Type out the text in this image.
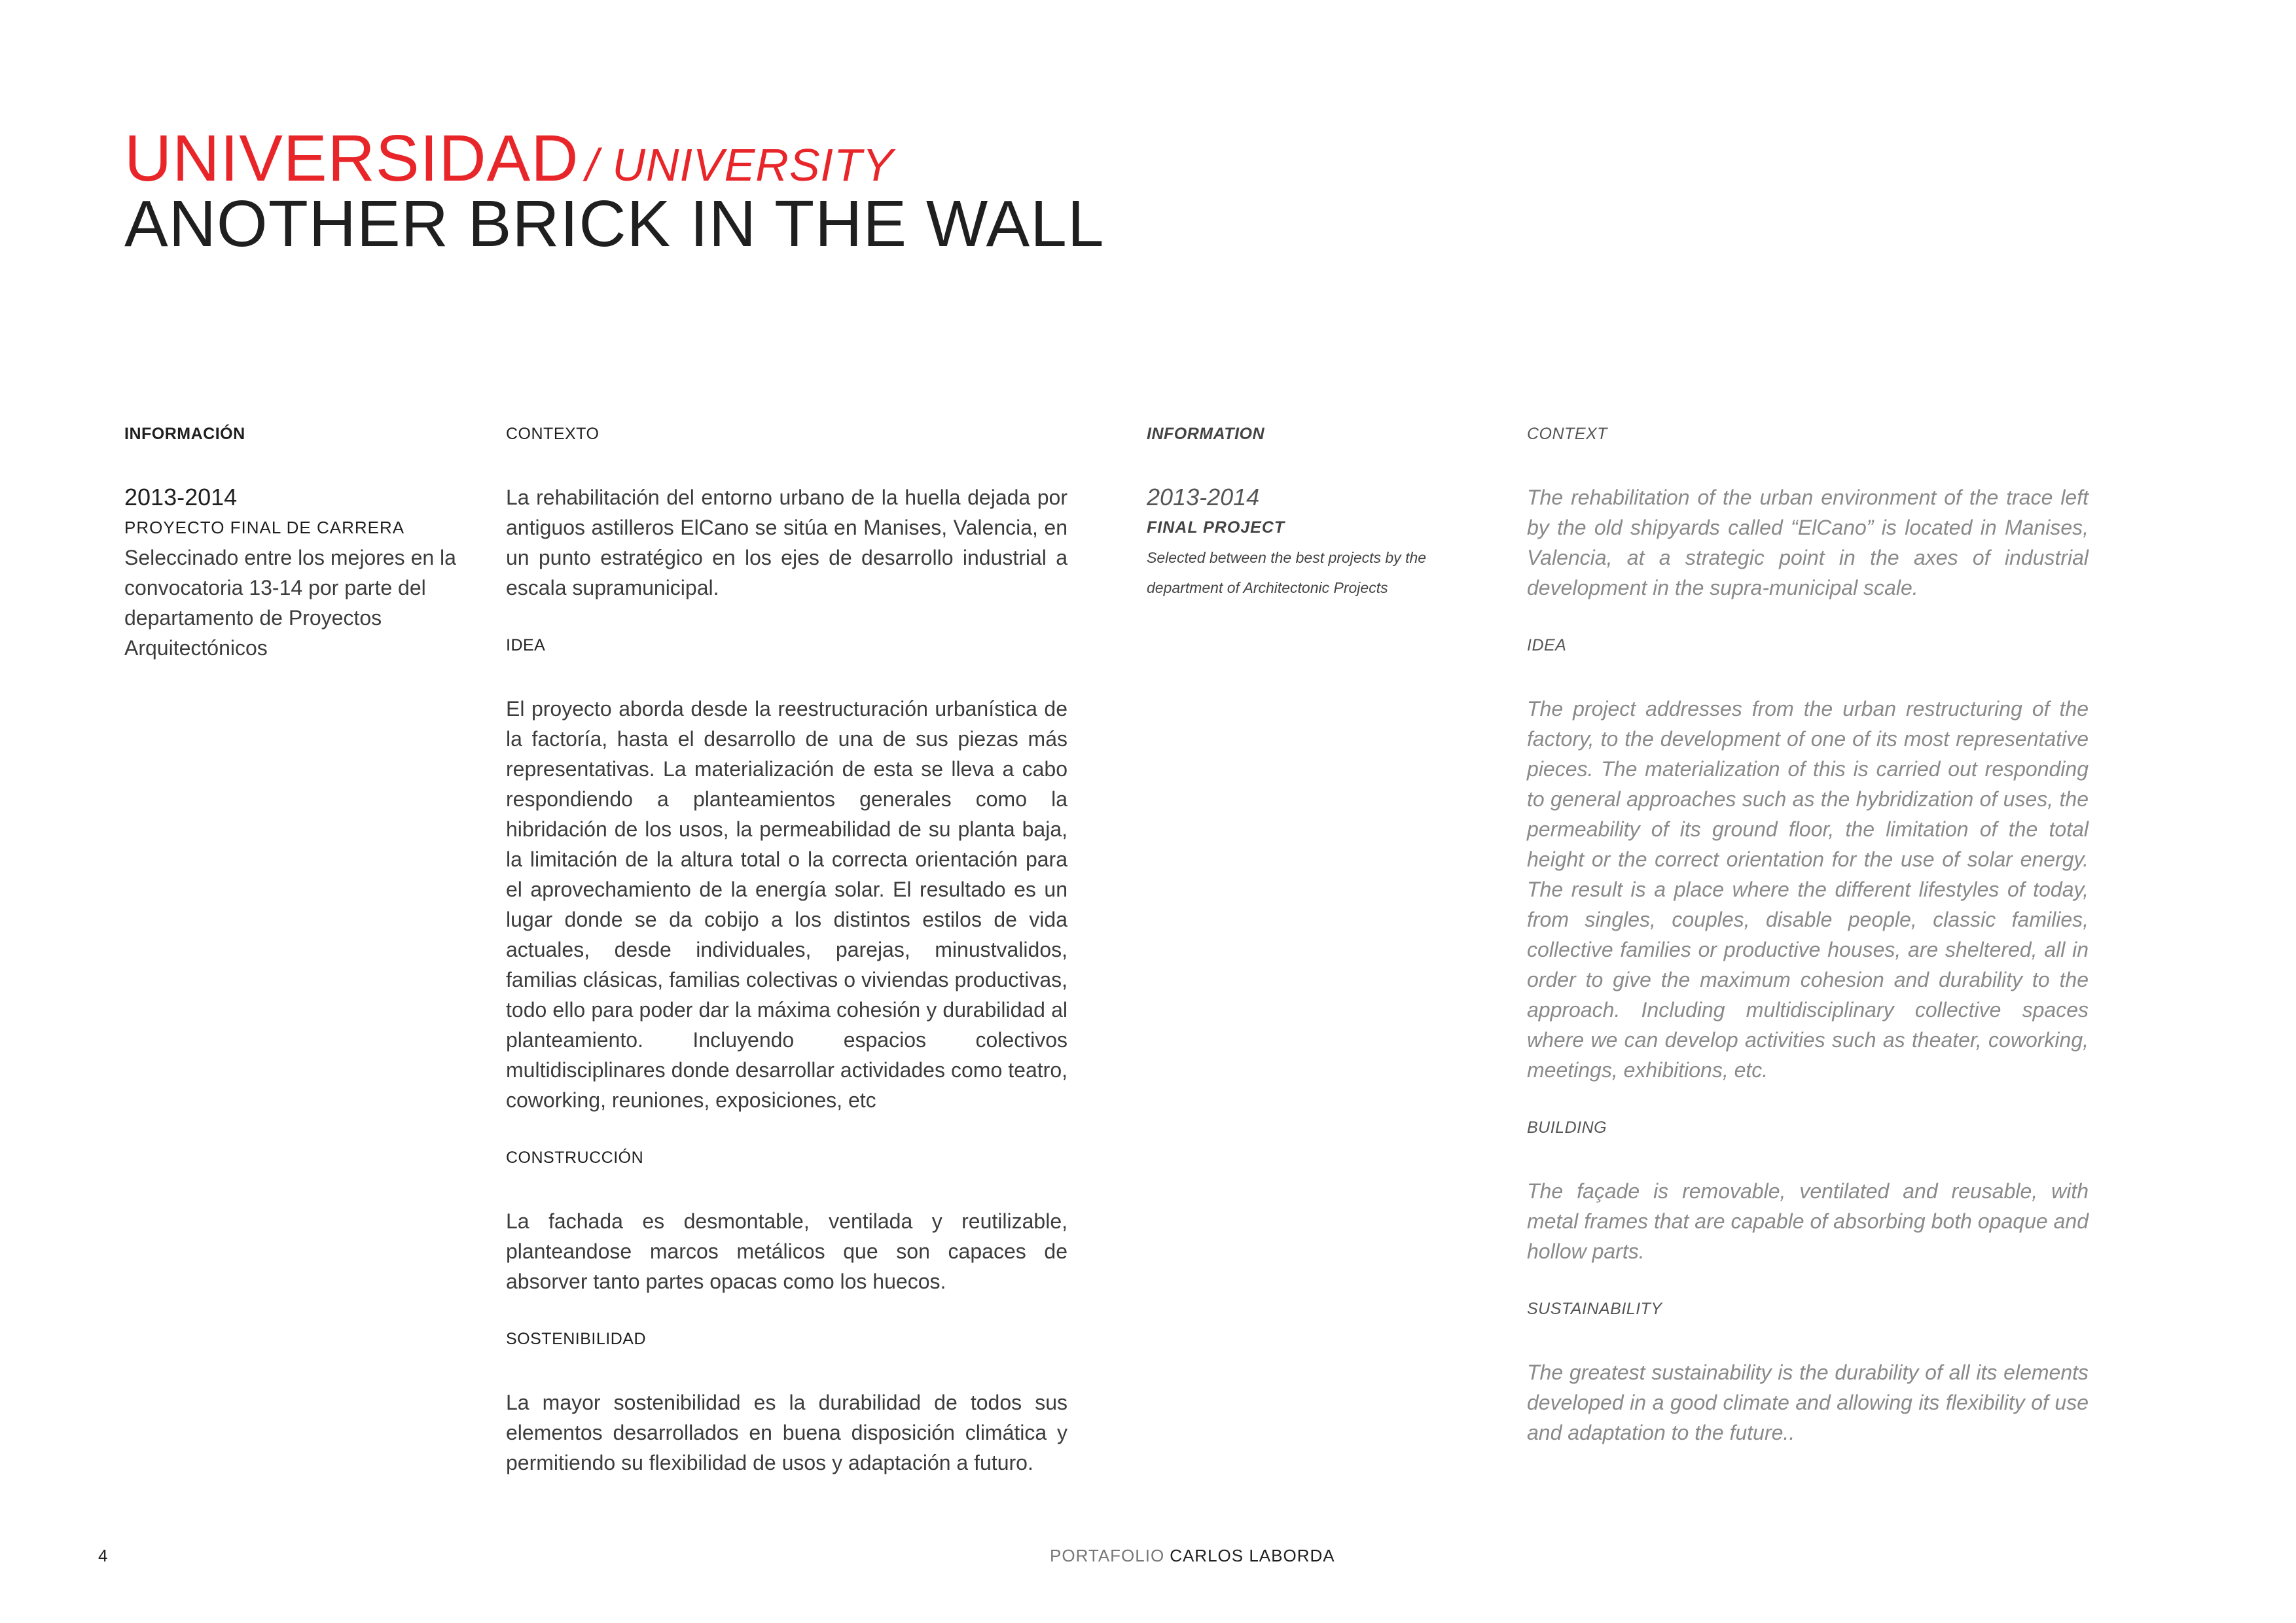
UNIVERSIDAD / UNIVERSITY
ANOTHER BRICK IN THE WALL

INFORMACIÓN

2013-2014
PROYECTO FINAL DE CARRERA
Seleccinado entre los mejores en la convocatoria 13-14 por parte del departamento de Proyectos Arquitectónicos

CONTEXTO

La rehabilitación del entorno urbano de la huella dejada por antiguos astilleros ElCano se sitúa en Manises, Valencia, en un punto estratégico en los ejes de desarrollo industrial a escala supramunicipal.

IDEA

El proyecto aborda desde la reestructuración urbanística de la factoría, hasta el desarrollo de una de sus piezas más representativas. La materialización de esta se lleva a cabo respondiendo a planteamientos generales como la hibridación de los usos, la permeabilidad de su planta baja, la limitación de la altura total o la correcta orientación para el aprovechamiento de la energía solar. El resultado es un lugar donde se da cobijo a los distintos estilos de vida actuales, desde individuales, parejas, minustvalidos, familias clásicas, familias colectivas o viviendas productivas, todo ello para poder dar la máxima cohesión y durabilidad al planteamiento. Incluyendo espacios colectivos multidisciplinares donde desarrollar actividades como teatro, coworking, reuniones, exposiciones, etc

CONSTRUCCIÓN

La fachada es desmontable, ventilada y reutilizable, planteandose marcos metálicos que son capaces de absorver tanto partes opacas como los huecos.

SOSTENIBILIDAD

La mayor sostenibilidad es la durabilidad de todos sus elementos desarrollados en buena disposición climática y permitiendo su flexibilidad de usos y adaptación a futuro.

INFORMATION

2013-2014
FINAL PROJECT
Selected between the best projects by the department of Architectonic Projects

CONTEXT

The rehabilitation of the urban environment of the trace left by the old shipyards called “ElCano” is located in Manises, Valencia, at a strategic point in the axes of industrial development in the supra-municipal scale.

IDEA

The project addresses from the urban restructuring of the factory, to the development of one of its most representative pieces. The materialization of this is carried out responding to general approaches such as the hybridization of uses, the permeability of its ground floor, the limitation of the total height or the correct orientation for the use of solar energy. The result is a place where the different lifestyles of today, from singles, couples, disable people, classic families, collective families or productive houses, are sheltered, all in order to give the maximum cohesion and durability to the approach. Including multidisciplinary collective spaces where we can develop activities such as theater, coworking, meetings, exhibitions, etc.

BUILDING

The façade is removable, ventilated and reusable, with metal frames that are capable of absorbing both opaque and hollow parts.

SUSTAINABILITY

The greatest sustainability is the durability of all its elements developed in a good climate and allowing its flexibility of use and adaptation to the future..

4	PORTAFOLIO CARLOS LABORDA
